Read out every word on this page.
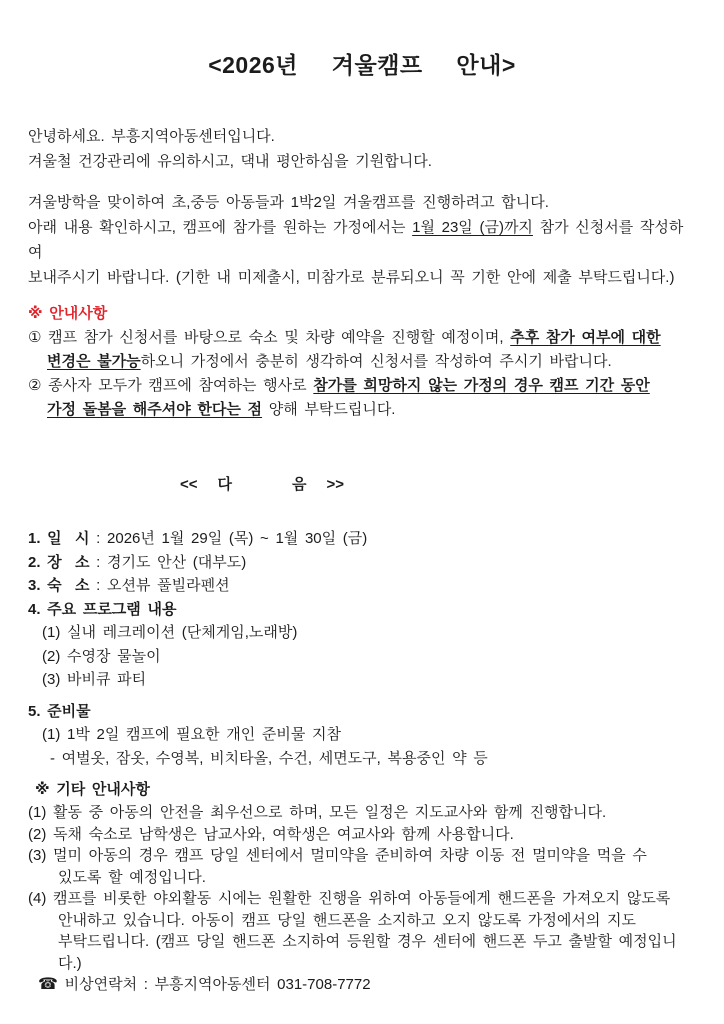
<2026년  겨울캠프  안내>
안녕하세요. 부흥지역아동센터입니다.
겨울철 건강관리에 유의하시고, 댁내 평안하심을 기원합니다.
겨울방학을 맞이하여 초,중등 아동들과 1박2일 겨울캠프를 진행하려고 합니다.
아래 내용 확인하시고, 캠프에 참가를 원하는 가정에서는 1월 23일 (금)까지 참가 신청서를 작성하여
보내주시기 바랍니다. (기한 내 미제출시, 미참가로 분류되오니 꼭 기한 안에 제출 부탁드립니다.)
※ 안내사항
① 캠프 참가 신청서를 바탕으로 숙소 및 차량 예약을 진행할 예정이며, 추후 참가 여부에 대한
변경은 불가능하오니 가정에서 충분히 생각하여 신청서를 작성하여 주시기 바랍니다.
② 종사자 모두가 캠프에 참여하는 행사로 참가를 희망하지 않는 가정의 경우 캠프 기간 동안
가정 돌봄을 해주셔야 한다는 점 양해 부탁드립니다.
<<   다         음   >>
1. 일  시 : 2026년 1월 29일 (목) ~ 1월 30일 (금)
2. 장  소 : 경기도 안산 (대부도)
3. 숙  소 : 오션뷰 풀빌라펜션
4. 주요 프로그램 내용
(1) 실내 레크레이션 (단체게임,노래방)
(2) 수영장 물놀이
(3) 바비큐 파티
5. 준비물
(1) 1박 2일 캠프에 필요한 개인 준비물 지참
- 여벌옷, 잠옷, 수영복, 비치타올, 수건, 세면도구, 복용중인 약 등
※ 기타 안내사항
(1) 활동 중 아동의 안전을 최우선으로 하며, 모든 일정은 지도교사와 함께 진행합니다.
(2) 독채 숙소로 남학생은 남교사와, 여학생은 여교사와 함께 사용합니다.
(3) 멀미 아동의 경우 캠프 당일 센터에서 멀미약을 준비하여 차량 이동 전 멀미약을 먹을 수
있도록 할 예정입니다.
(4) 캠프를 비롯한 야외활동 시에는 원활한 진행을 위하여 아동들에게 핸드폰을 가져오지 않도록
안내하고 있습니다. 아동이 캠프 당일 핸드폰을 소지하고 오지 않도록 가정에서의 지도
부탁드립니다. (캠프 당일 핸드폰 소지하여 등원할 경우 센터에 핸드폰 두고 출발할 예정입니다.)
☎ 비상연락처 : 부흥지역아동센터 031-708-7772
